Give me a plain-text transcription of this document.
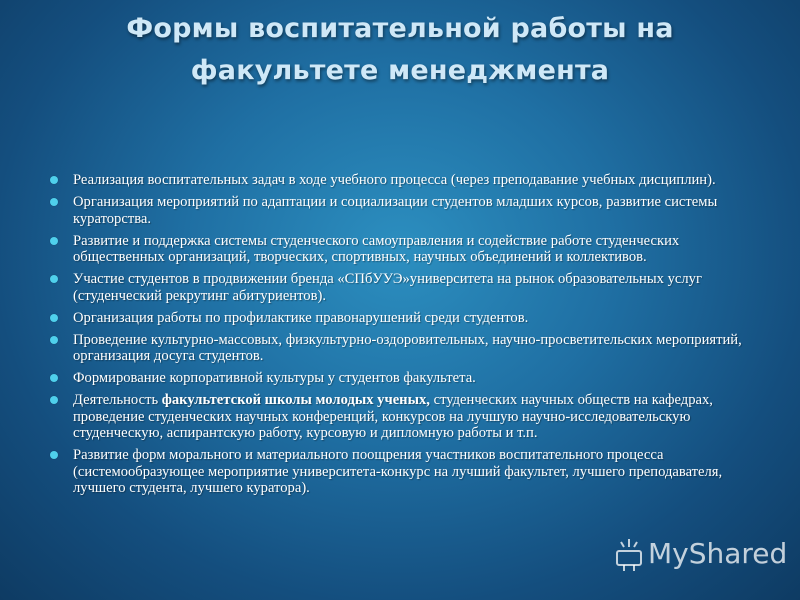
Формы воспитательной работы на
факультете менеджмента
Реализация воспитательных задач в ходе учебного процесса (через преподавание учебных дисциплин).
Организация мероприятий по адаптации и социализации студентов младших курсов, развитие системы кураторства.
Развитие и поддержка системы студенческого самоуправления и содействие работе студенческих общественных организаций, творческих, спортивных, научных объединений и коллективов.
Участие студентов в продвижении бренда «СПбУУЭ»университета на рынок образовательных услуг (студенческий рекрутинг абитуриентов).
Организация работы по профилактике правонарушений среди студентов.
Проведение культурно-массовых, физкультурно-оздоровительных, научно-просветительских мероприятий, организация досуга студентов.
Формирование корпоративной культуры у студентов факультета.
Деятельность факультетской школы молодых ученых, студенческих научных обществ на кафедрах, проведение студенческих научных конференций, конкурсов на лучшую научно-исследовательскую студенческую, аспирантскую работу, курсовую и дипломную работы и т.п.
Развитие форм морального и материального поощрения участников воспитательного процесса (системообразующее мероприятие университета-конкурс на лучший факультет, лучшего преподавателя, лучшего студента, лучшего куратора).
MyShared
